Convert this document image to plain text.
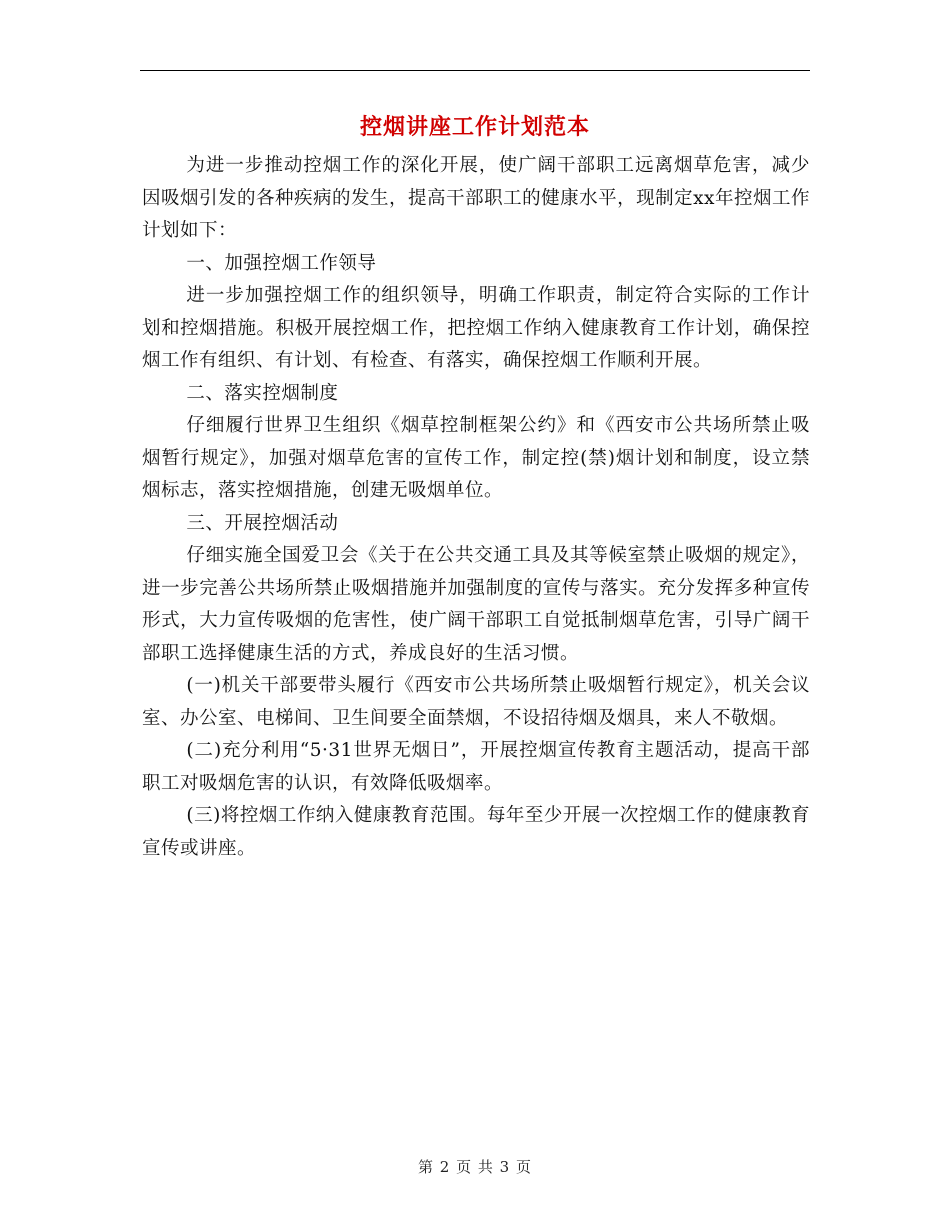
控烟讲座工作计划范本

为进一步推动控烟工作的深化开展，使广阔干部职工远离烟草危害，减少因吸烟引发的各种疾病的发生，提高干部职工的健康水平，现制定xx年控烟工作计划如下：

一、加强控烟工作领导

进一步加强控烟工作的组织领导，明确工作职责，制定符合实际的工作计划和控烟措施。积极开展控烟工作，把控烟工作纳入健康教育工作计划，确保控烟工作有组织、有计划、有检查、有落实，确保控烟工作顺利开展。

二、落实控烟制度

仔细履行世界卫生组织《烟草控制框架公约》和《西安市公共场所禁止吸烟暂行规定》，加强对烟草危害的宣传工作，制定控(禁)烟计划和制度，设立禁烟标志，落实控烟措施，创建无吸烟单位。

三、开展控烟活动

仔细实施全国爱卫会《关于在公共交通工具及其等候室禁止吸烟的规定》，进一步完善公共场所禁止吸烟措施并加强制度的宣传与落实。充分发挥多种宣传形式，大力宣传吸烟的危害性，使广阔干部职工自觉抵制烟草危害，引导广阔干部职工选择健康生活的方式，养成良好的生活习惯。

(一)机关干部要带头履行《西安市公共场所禁止吸烟暂行规定》，机关会议室、办公室、电梯间、卫生间要全面禁烟，不设招待烟及烟具，来人不敬烟。

(二)充分利用“5·31世界无烟日”，开展控烟宣传教育主题活动，提高干部职工对吸烟危害的认识，有效降低吸烟率。

(三)将控烟工作纳入健康教育范围。每年至少开展一次控烟工作的健康教育宣传或讲座。

第 2 页 共 3 页
